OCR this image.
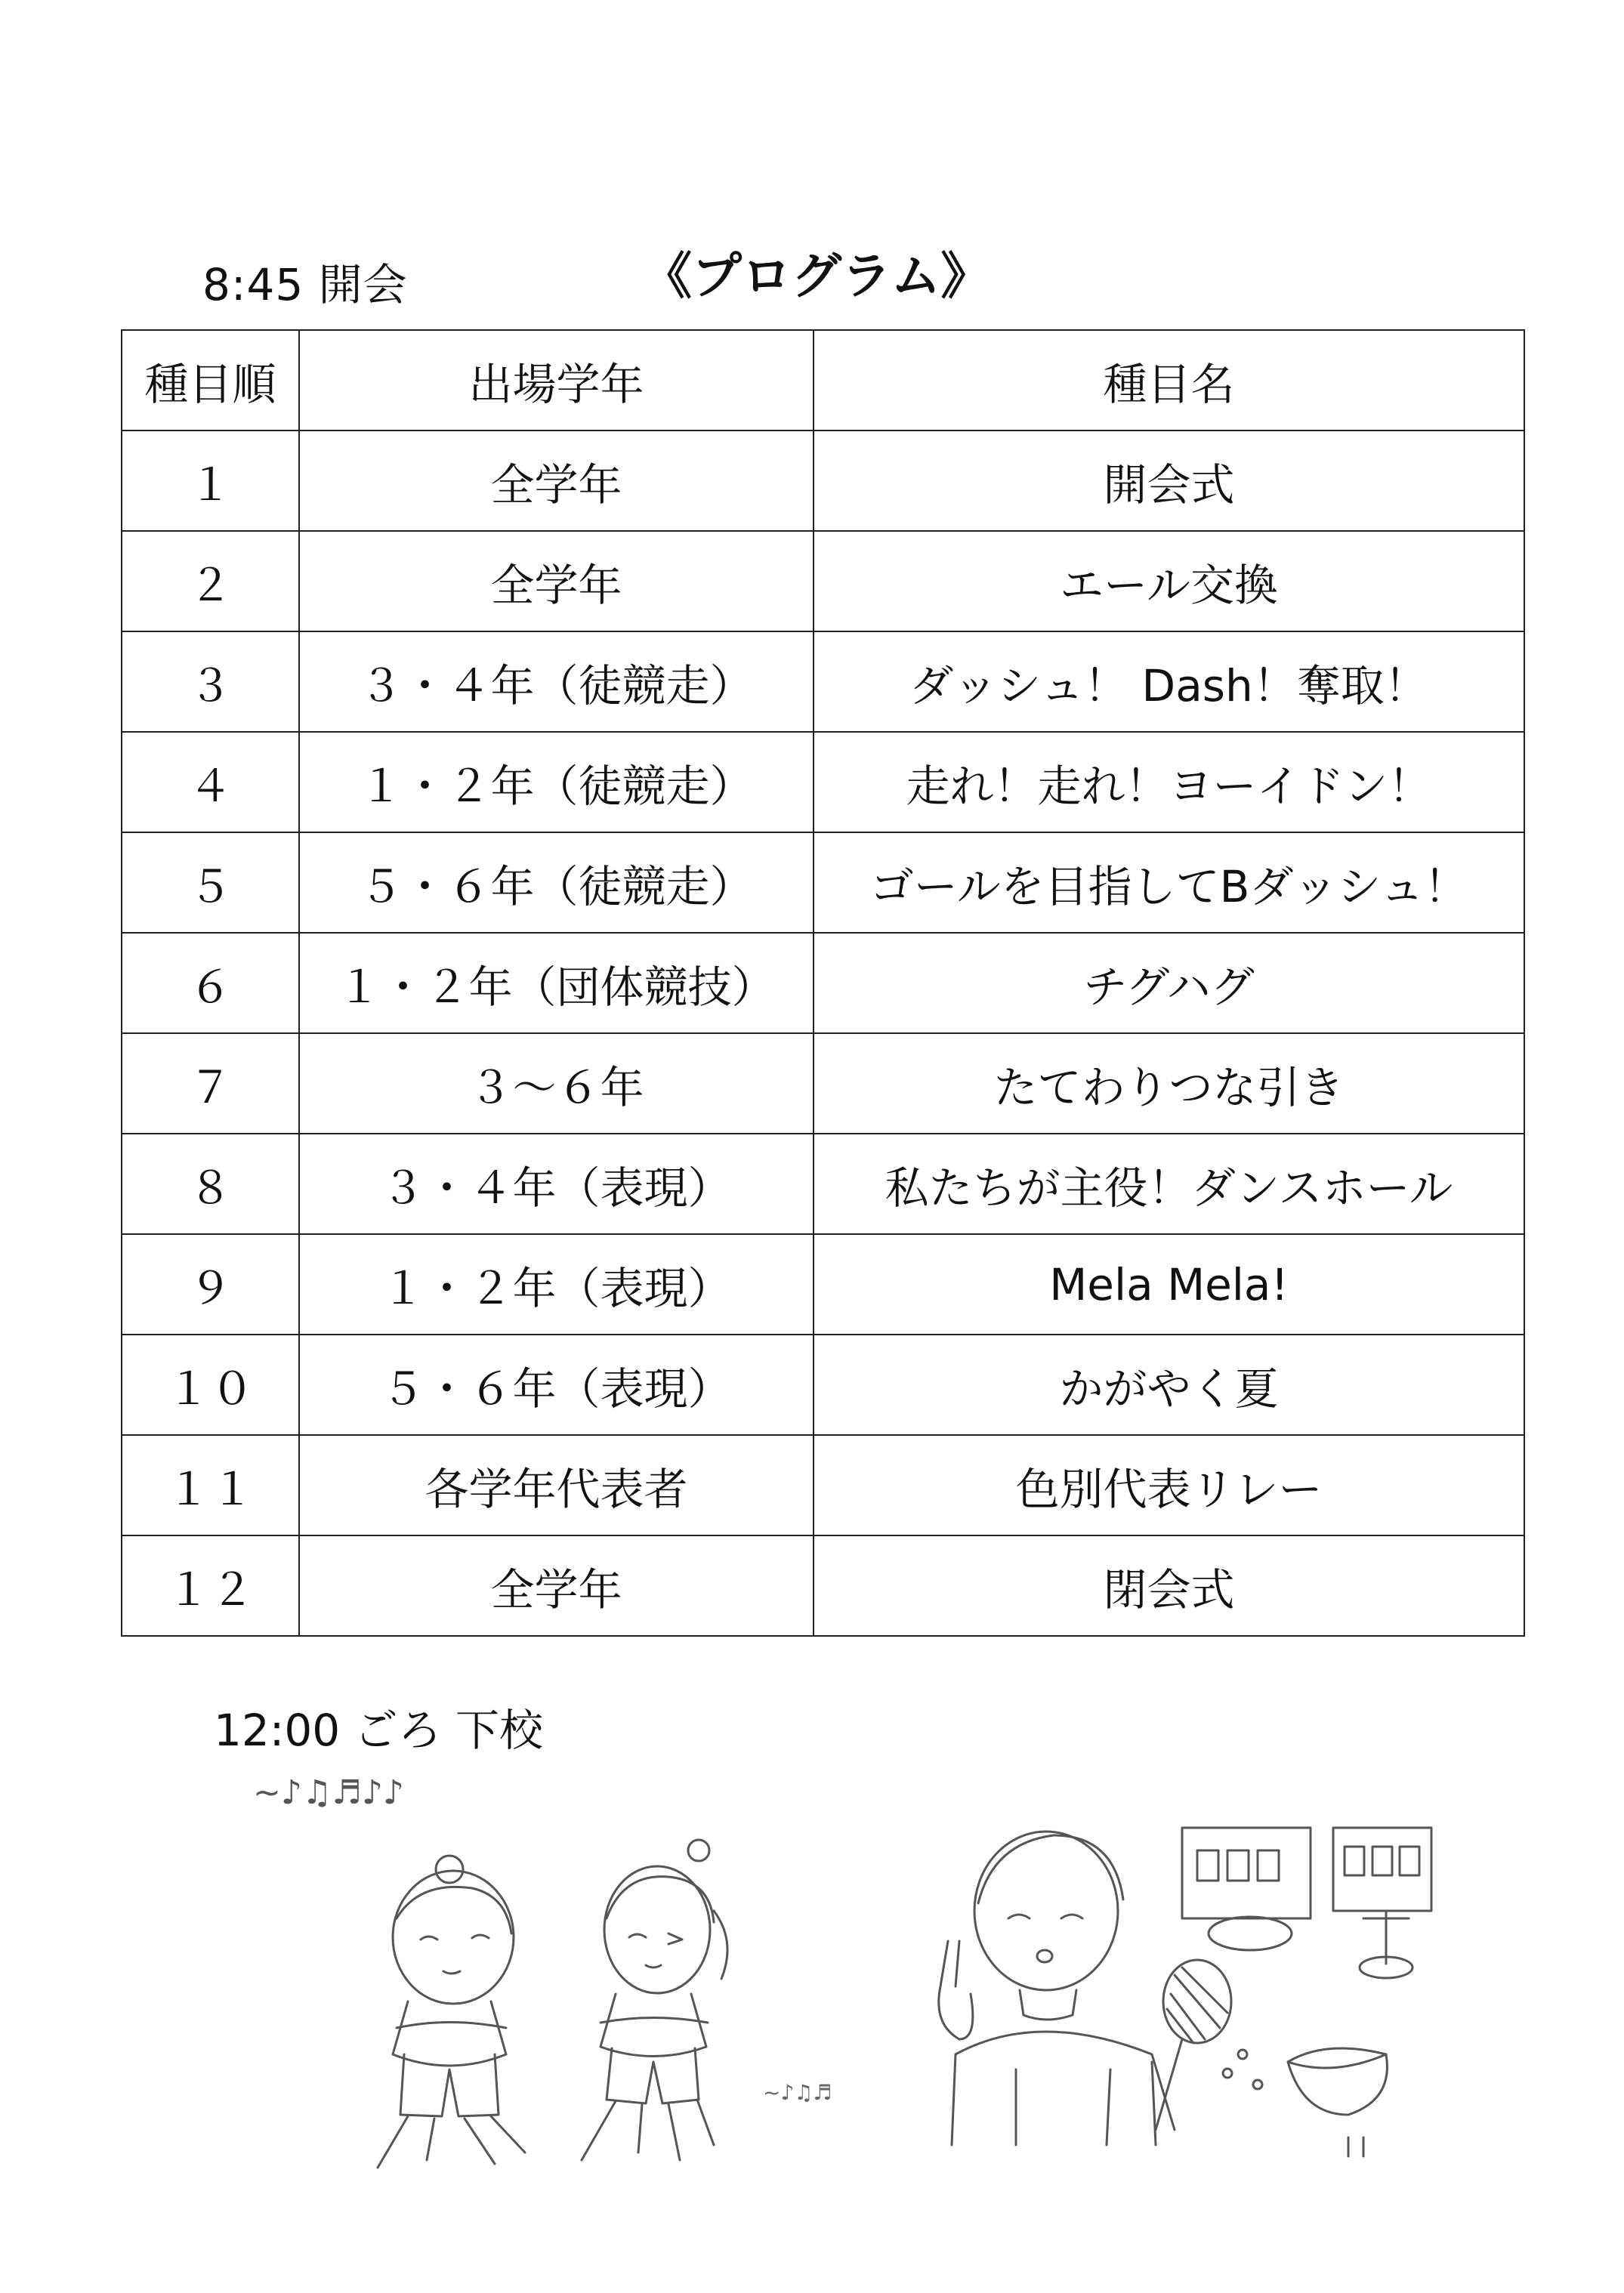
8:45 開会	《プログラム》
種目順	出場学年	種目名
１	全学年	開会式
２	全学年	エール交換
３	３・４年（徒競走）	ダッシュ！ Dash！奪取！
４	１・２年（徒競走）	走れ！走れ！ヨーイドン！
５	５・６年（徒競走）	ゴールを目指してBダッシュ！
６	１・２年（団体競技）	チグハグ
７	３～６年	たてわりつな引き
８	３・４年（表現）	私たちが主役！ダンスホール
９	１・２年（表現）	Mela Mela!
１０	５・６年（表現）	かがやく夏
１１	各学年代表者	色別代表リレー
１２	全学年	閉会式
12:00 ごろ 下校
~♪♫♬♪♪
~♪♫♬
